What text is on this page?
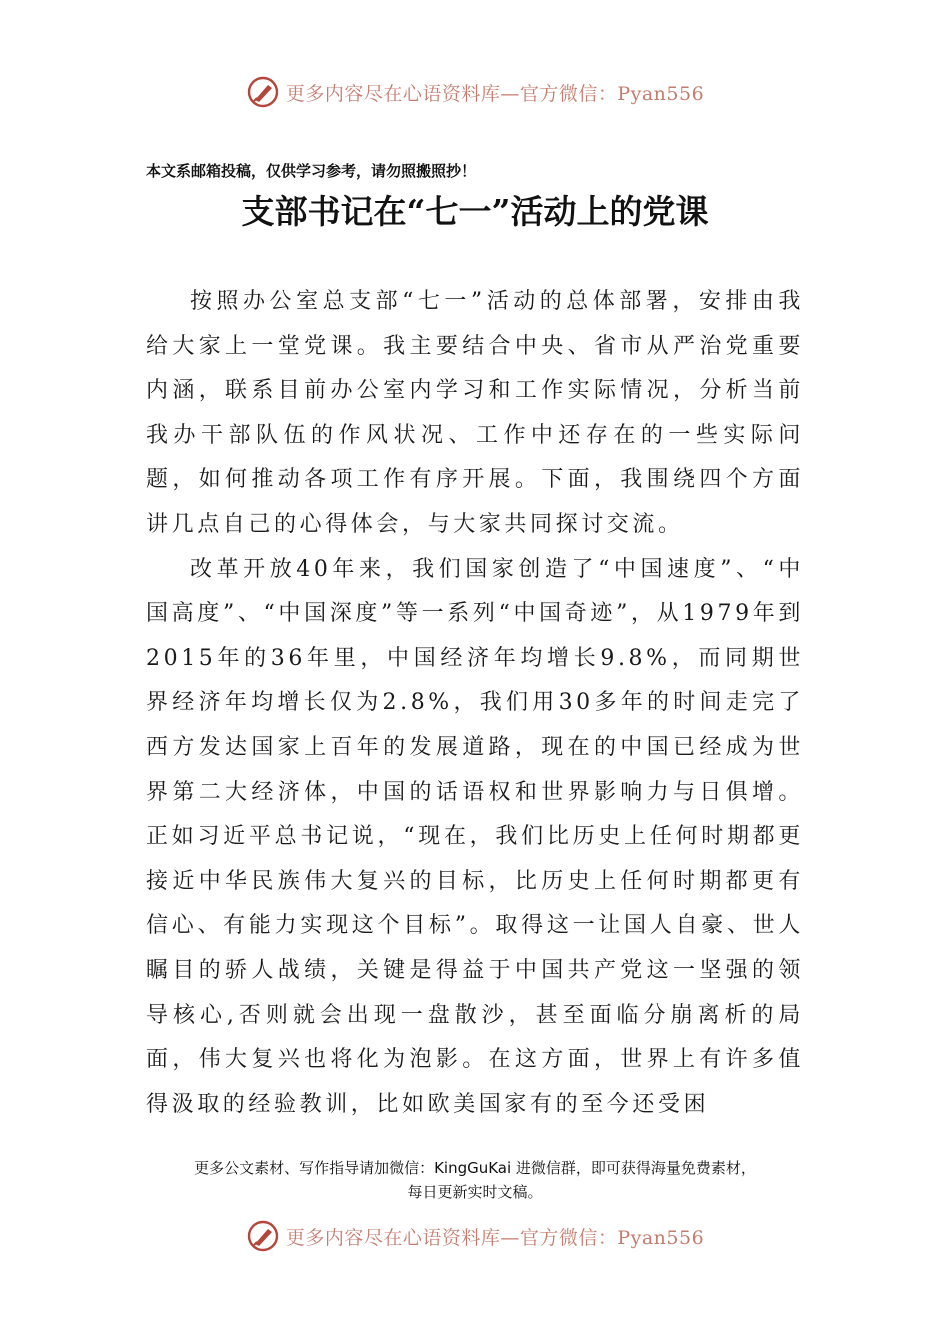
更多内容尽在心语资料库—官方微信：Pyan556
本文系邮箱投稿，仅供学习参考，请勿照搬照抄！
支部书记在“七一”活动上的党课

按照办公室总支部“七一”活动的总体部署，安排由我给大家上一堂党课。我主要结合中央、省市从严治党重要内涵，联系目前办公室内学习和工作实际情况，分析当前我办干部队伍的作风状况、工作中还存在的一些实际问题，如何推动各项工作有序开展。下面，我围绕四个方面讲几点自己的心得体会，与大家共同探讨交流。

改革开放40年来，我们国家创造了“中国速度”、“中国高度”、“中国深度”等一系列“中国奇迹”，从1979年到2015年的36年里，中国经济年均增长9.8%，而同期世界经济年均增长仅为2.8%，我们用30多年的时间走完了西方发达国家上百年的发展道路，现在的中国已经成为世界第二大经济体，中国的话语权和世界影响力与日俱增。正如习近平总书记说，“现在，我们比历史上任何时期都更接近中华民族伟大复兴的目标，比历史上任何时期都更有信心、有能力实现这个目标”。取得这一让国人自豪、世人瞩目的骄人战绩，关键是得益于中国共产党这一坚强的领导核心,否则就会出现一盘散沙，甚至面临分崩离析的局面，伟大复兴也将化为泡影。在这方面，世界上有许多值得汲取的经验教训，比如欧美国家有的至今还受困

更多公文素材、写作指导请加微信：KingGuKai 进微信群，即可获得海量免费素材，
每日更新实时文稿。
更多内容尽在心语资料库—官方微信：Pyan556
